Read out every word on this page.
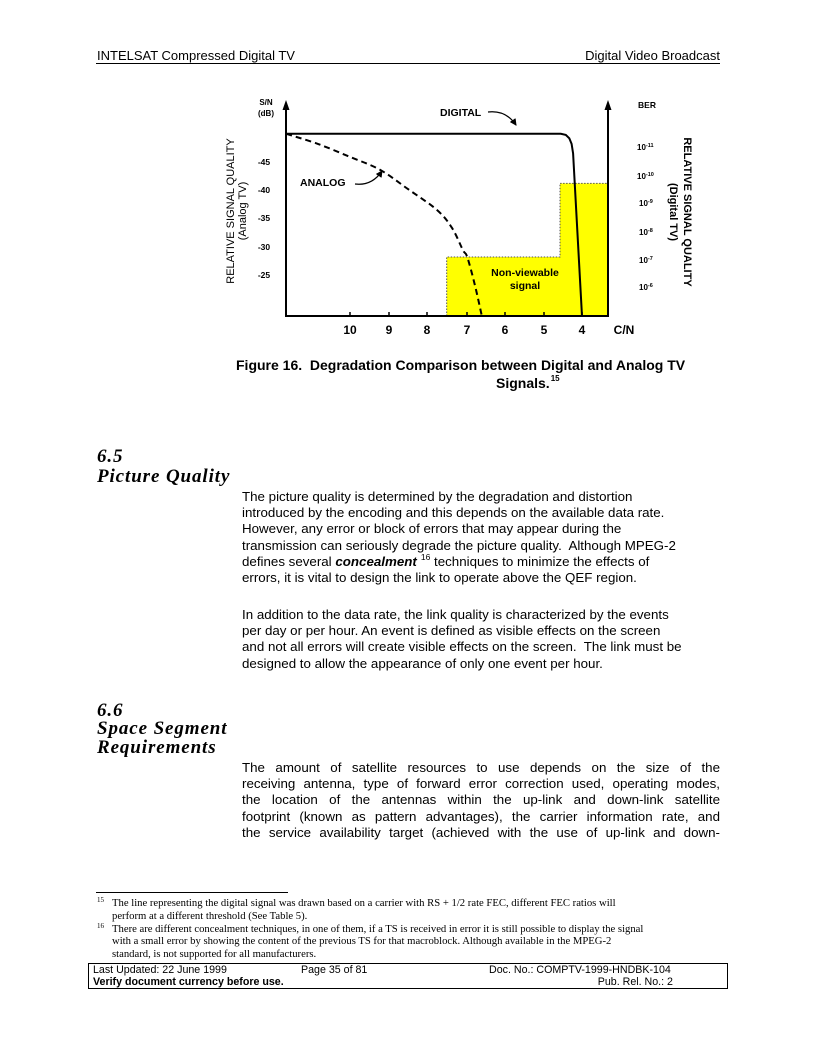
INTELSAT Compressed Digital TV	Digital Video Broadcast
DIGITAL
ANALOG
Non-viewable
signal
S/N
(dB)
-45
-40
-35
-30
-25
RELATIVE SIGNAL QUALITY (Analog TV)
BER
$10^{-11}$
$10^{-10}$
$10^{-9}$
$10^{-8}$
$10^{-7}$
$10^{-6}$	RELATIVE SIGNAL QUALITY
(Digital TV)
10 9	8	7	6	5	4 C/N
Figure 16.  Degradation Comparison between Digital and Analog TV
Signals.$^{15}$
6.5
Picture Quality
The picture quality is determined by the degradation and distortion
introduced by the encoding and this depends on the available data rate.
However, any error or block of errors that may appear during the
transmission can seriously degrade the picture quality.  Although MPEG-2
defines several concealment $^{16}$ techniques to minimize the effects of
errors, it is vital to design the link to operate above the QEF region.
In addition to the data rate, the link quality is characterized by the events
per day or per hour. An event is defined as visible effects on the screen
and not all errors will create visible effects on the screen.  The link must be
designed to allow the appearance of only one event per hour.
6.6
Space Segment
Requirements
The amount of satellite resources to use depends on the size of the
receiving antenna, type of forward error correction used, operating modes,
the location of the antennas within the up-link and down-link satellite
footprint (known as pattern advantages), the carrier information rate, and
the service availability target (achieved with the use of up-link and down-
15 The line representing the digital signal was drawn based on a carrier with RS + 1/2 rate FEC, different FEC ratios will
perform at a different threshold (See Table 5).
16 There are different concealment techniques, in one of them, if a TS is received in error it is still possible to display the signal
with a small error by showing the content of the previous TS for that macroblock. Although available in the MPEG-2
standard, is not supported for all manufacturers.
Last Updated: 22 June 1999	Page 35 of 81	Doc. No.: COMPTV-1999-HNDBK-104
Verify document currency before use.	Pub. Rel. No.: 2
